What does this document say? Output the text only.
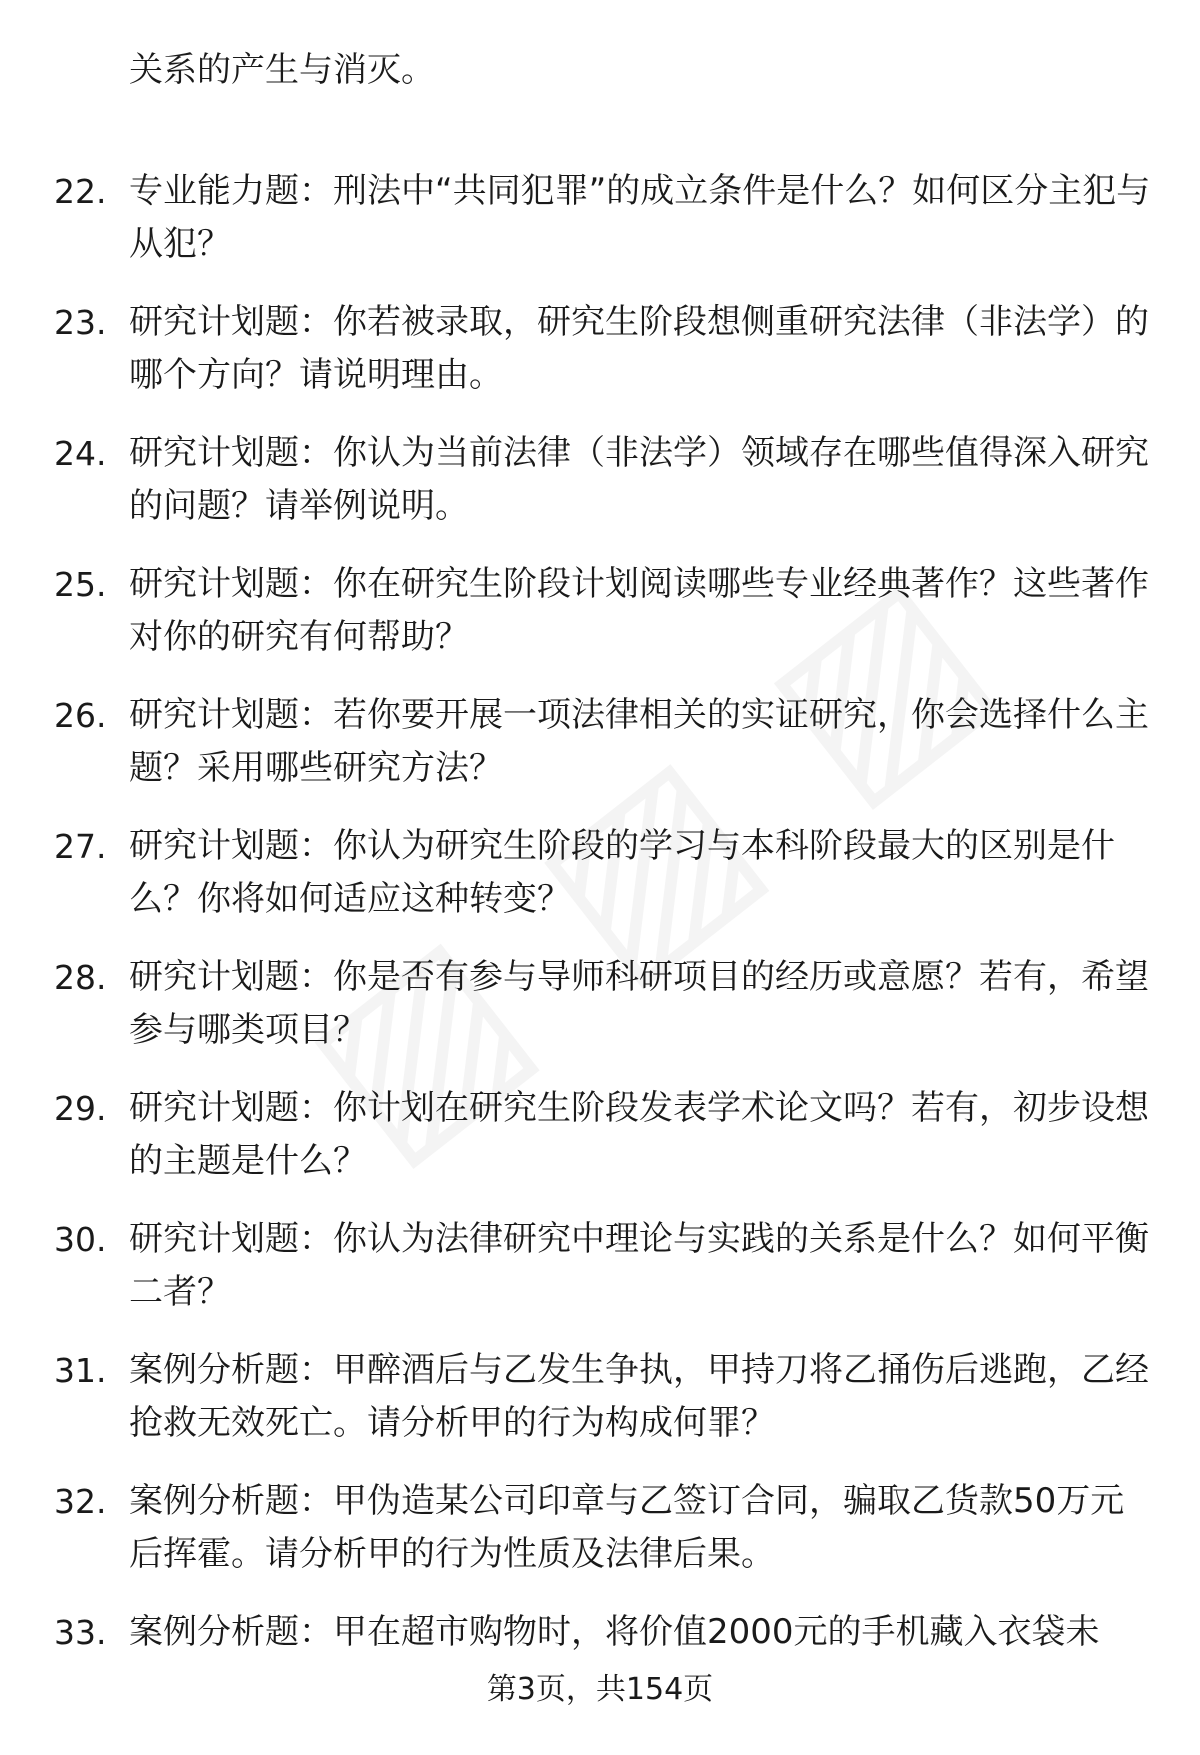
关系的产生与消灭。

22. 专业能力题：刑法中“共同犯罪”的成立条件是什么？如何区分主犯与从犯？
23. 研究计划题：你若被录取，研究生阶段想侧重研究法律（非法学）的哪个方向？请说明理由。
24. 研究计划题：你认为当前法律（非法学）领域存在哪些值得深入研究的问题？请举例说明。
25. 研究计划题：你在研究生阶段计划阅读哪些专业经典著作？这些著作对你的研究有何帮助？
26. 研究计划题：若你要开展一项法律相关的实证研究，你会选择什么主题？采用哪些研究方法？
27. 研究计划题：你认为研究生阶段的学习与本科阶段最大的区别是什么？你将如何适应这种转变？
28. 研究计划题：你是否有参与导师科研项目的经历或意愿？若有，希望参与哪类项目？
29. 研究计划题：你计划在研究生阶段发表学术论文吗？若有，初步设想的主题是什么？
30. 研究计划题：你认为法律研究中理论与实践的关系是什么？如何平衡二者？
31. 案例分析题：甲醉酒后与乙发生争执，甲持刀将乙捅伤后逃跑，乙经抢救无效死亡。请分析甲的行为构成何罪？
32. 案例分析题：甲伪造某公司印章与乙签订合同，骗取乙货款50万元后挥霍。请分析甲的行为性质及法律后果。
33. 案例分析题：甲在超市购物时，将价值2000元的手机藏入衣袋未
第3页，共154页
